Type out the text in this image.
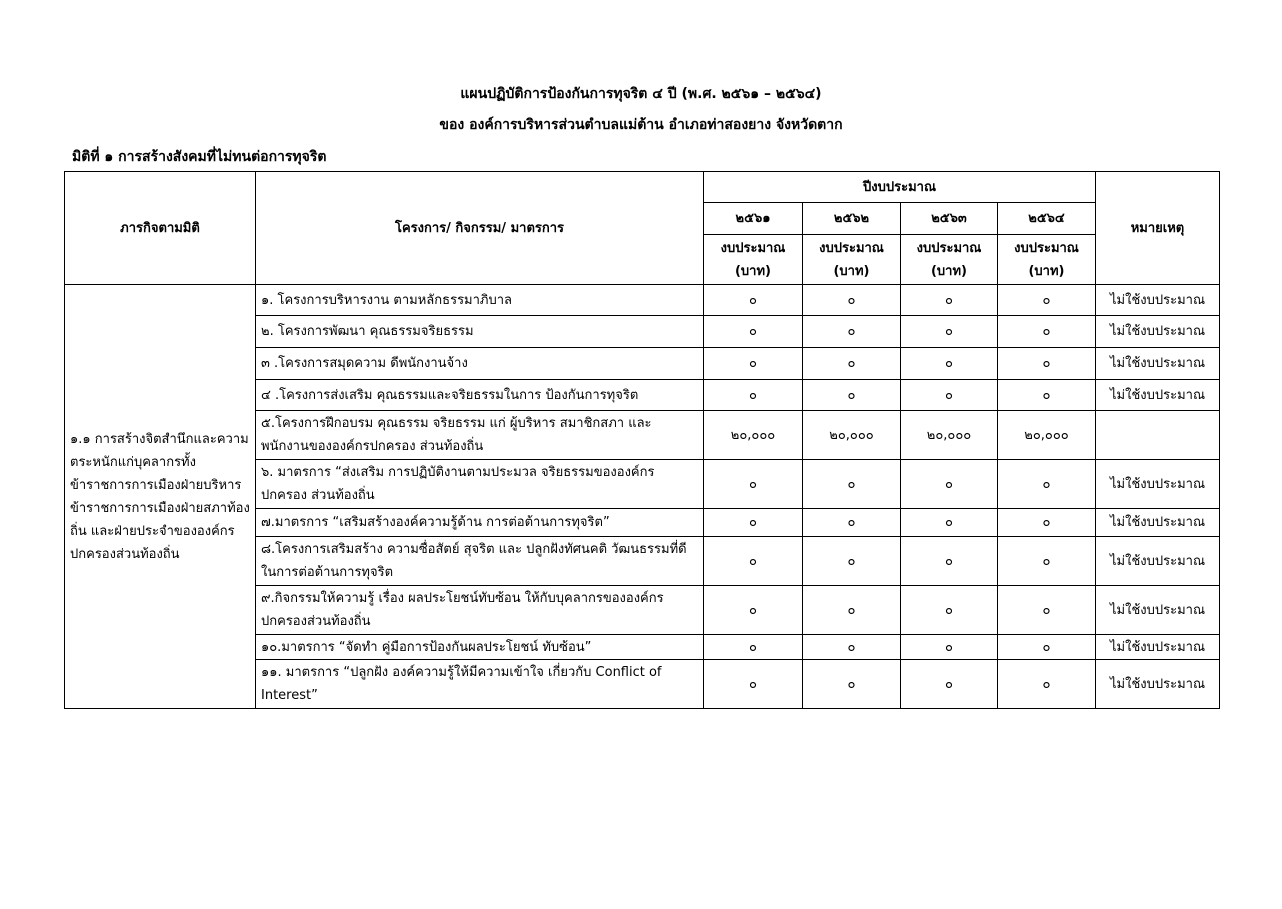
แผนปฏิบัติการป้องกันการทุจริต ๔ ปี (พ.ศ. ๒๕๖๑ – ๒๕๖๔)
ของ องค์การบริหารส่วนตำบลแม่ต้าน อำเภอท่าสองยาง จังหวัดตาก
มิติที่ ๑ การสร้างสังคมที่ไม่ทนต่อการทุจริต
ภารกิจตามมิติ	โครงการ/ กิจกรรม/ มาตรการ	ปีงบประมาณ				หมายเหตุ
		๒๕๖๑	๒๕๖๒	๒๕๖๓	๒๕๖๔	
		งบประมาณ (บาท)	งบประมาณ (บาท)	งบประมาณ (บาท)	งบประมาณ (บาท)	
๑.๑ การสร้างจิตสำนึกและความตระหนักแก่บุคลากรทั้งข้าราชการการเมืองฝ่ายบริหาร ข้าราชการการเมืองฝ่ายสภาท้องถิ่น และฝ่ายประจำขององค์กรปกครองส่วนท้องถิ่น	๑. โครงการบริหารงาน ตามหลักธรรมาภิบาล	๐	๐	๐	๐	ไม่ใช้งบประมาณ
	๒. โครงการพัฒนา คุณธรรมจริยธรรม	๐	๐	๐	๐	ไม่ใช้งบประมาณ
	๓ .โครงการสมุดความ ดีพนักงานจ้าง	๐	๐	๐	๐	ไม่ใช้งบประมาณ
	๔ .โครงการส่งเสริม คุณธรรมและจริยธรรมในการ ป้องกันการทุจริต	๐	๐	๐	๐	ไม่ใช้งบประมาณ
	๕.โครงการฝึกอบรม คุณธรรม จริยธรรม แก่ ผู้บริหาร สมาชิกสภา และพนักงานขององค์กรปกครอง ส่วนท้องถิ่น	๒๐,๐๐๐	๒๐,๐๐๐	๒๐,๐๐๐	๒๐,๐๐๐	
	๖. มาตรการ “ส่งเสริม การปฏิบัติงานตามประมวล จริยธรรมขององค์กรปกครอง ส่วนท้องถิ่น	๐	๐	๐	๐	ไม่ใช้งบประมาณ
	๗.มาตรการ “เสริมสร้างองค์ความรู้ด้าน การต่อต้านการทุจริต”	๐	๐	๐	๐	ไม่ใช้งบประมาณ
	๘.โครงการเสริมสร้าง ความซื่อสัตย์ สุจริต และ ปลูกฝังทัศนคติ วัฒนธรรมที่ดีในการต่อต้านการทุจริต	๐	๐	๐	๐	ไม่ใช้งบประมาณ
	๙.กิจกรรมให้ความรู้ เรื่อง ผลประโยชน์ทับซ้อน ให้กับบุคลากรขององค์กรปกครองส่วนท้องถิ่น	๐	๐	๐	๐	ไม่ใช้งบประมาณ
	๑๐.มาตรการ “จัดทำ คู่มือการป้องกันผลประโยชน์ ทับซ้อน”	๐	๐	๐	๐	ไม่ใช้งบประมาณ
	๑๑. มาตรการ “ปลูกฝัง องค์ความรู้ให้มีความเข้าใจ เกี่ยวกับ Conflict of Interest”	๐	๐	๐	๐	ไม่ใช้งบประมาณ
